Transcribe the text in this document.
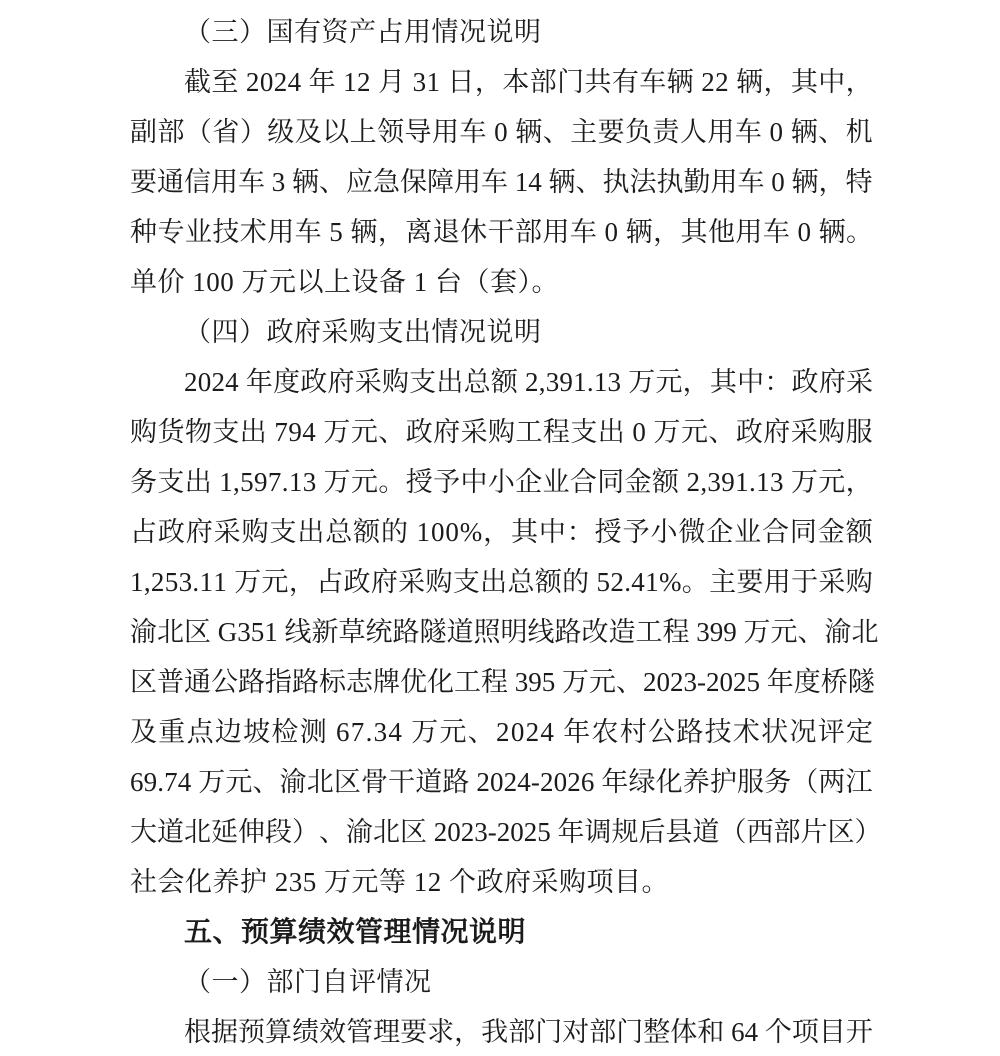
（三）国有资产占用情况说明
截 至
2 0 2 4
年
1 2
月
3 1
日 ， 本 部 门 共 有 车 辆
2 2
辆 ， 其 中 ，
副 部 （ 省 ） 级 及 以 上 领 导 用 车
0
辆 、 主 要 负 责 人 用 车
0
辆 、 机
要 通 信 用 车
3
辆 、 应 急 保 障 用 车
1 4
辆 、 执 法 执 勤 用 车
0
辆 ， 特
种 专 业 技 术 用 车
5
辆 ， 离 退 休 干 部 用 车
0
辆 ， 其 他 用 车
0
辆 。
单价 100 万元以上设备 1 台（套）。
（四）政府采购支出情况说明
2 0 2 4
年 度 政 府 采 购 支 出 总 额
2 , 3 9 1 . 1 3
万 元 ， 其 中 ： 政 府 采
购 货 物 支 出
7 9 4
万 元 、 政 府 采 购 工 程 支 出
0
万 元 、 政 府 采 购 服
务 支 出
1 , 5 9 7 . 1 3
万 元 。 授 予 中 小 企 业 合 同 金 额
2 , 3 9 1 . 1 3
万 元 ，
占 政 府 采 购 支 出 总 额 的
1 0 0 % ， 其 中 ： 授 予 小 微 企 业 合 同 金 额
1 , 2 5 3 . 1 1
万 元 ， 占 政 府 采 购 支 出 总 额 的
5 2 . 4 1 % 。 主 要 用 于 采 购
渝 北 区
G 3 5 1
线 新 草 统 路 隧 道 照 明 线 路 改 造 工 程
3 9 9
万 元 、 渝 北
区 普 通 公 路 指 路 标 志 牌 优 化 工 程
3 9 5
万 元 、 2 0 2 3 - 2 0 2 5
年 度 桥 隧
及 重 点 边 坡 检 测
6 7 . 3 4
万 元 、 2 0 2 4
年 农 村 公 路 技 术 状 况 评 定
6 9 . 7 4
万 元 、 渝 北 区 骨 干 道 路
2 0 2 4 - 2 0 2 6
年 绿 化 养 护 服 务 （ 两 江
大 道 北 延 伸 段 ） 、 渝 北 区
2 0 2 3 - 2 0 2 5
年 调 规 后 县 道 （ 西 部 片 区 ）
社会化养护 235 万元等 12 个政府采购项目。
五、预算绩效管理情况说明
（一）部门自评情况
根 据 预 算 绩 效 管 理 要 求 ， 我 部 门 对 部 门 整 体 和
6 4
个 项 目 开
